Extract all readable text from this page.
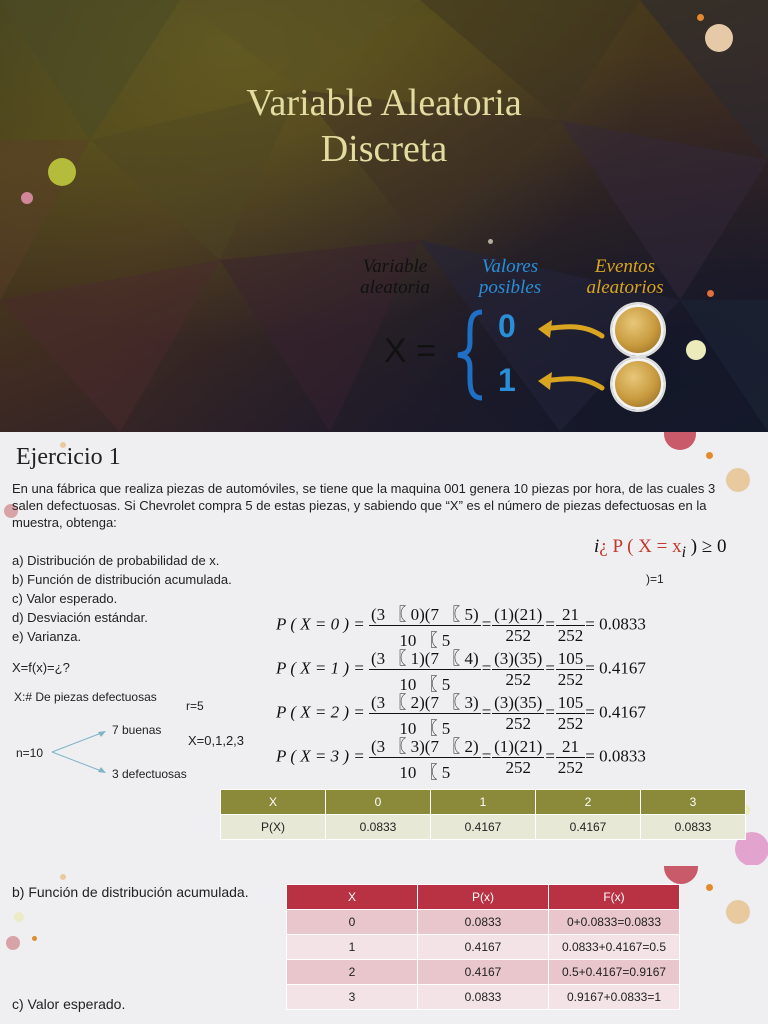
Variable Aleatoria
Discreta
Variable aleatoria
Valores posibles
Eventos aleatorios
X =
0
1
Ejercicio 1
En una fábrica que realiza piezas de automóviles, se tiene que la maquina 001 genera 10 piezas por hora, de las cuales 3 salen defectuosas. Si Chevrolet compra 5 de estas piezas, y sabiendo que “X” es el número de piezas defectuosas en la muestra, obtenga:
a) Distribución de probabilidad de x.
b) Función de distribución acumulada.
c) Valor esperado.
d) Desviación estándar.
e) Varianza.
X=f(x)=¿?
X:# De piezas defectuosas
r=5
X=0,1,2,3
n=10
7 buenas
3 defectuosas
i¿ P ( $X = x_i$ ) ≥ 0
)=1
P ( X = 0 ) = $\frac{(3 〖 0)(7 〖 5)}{10 〖 5} = \frac{(1)(21)}{252} = \frac{21}{252} = 0.0833$
P ( X = 1 ) = $\frac{(3 〖 1)(7 〖 4)}{10 〖 5} = \frac{(3)(35)}{252} = \frac{105}{252} = 0.4167$
P ( X = 2 ) = $\frac{(3 〖 2)(7 〖 3)}{10 〖 5} = \frac{(3)(35)}{252} = \frac{105}{252} = 0.4167$
P ( X = 3 ) = $\frac{(3 〖 3)(7 〖 2)}{10 〖 5} = \frac{(1)(21)}{252} = \frac{21}{252} = 0.0833$
X	0	1	2	3
P(X)	0.0833	0.4167	0.4167	0.0833
b) Función de distribución acumulada.	X	P(x)	F(x)
0	0.0833	0+0.0833=0.0833
1	0.4167	0.0833+0.4167=0.5
2	0.4167	0.5+0.4167=0.9167
3	0.0833	0.9167+0.0833=1
c) Valor esperado.
